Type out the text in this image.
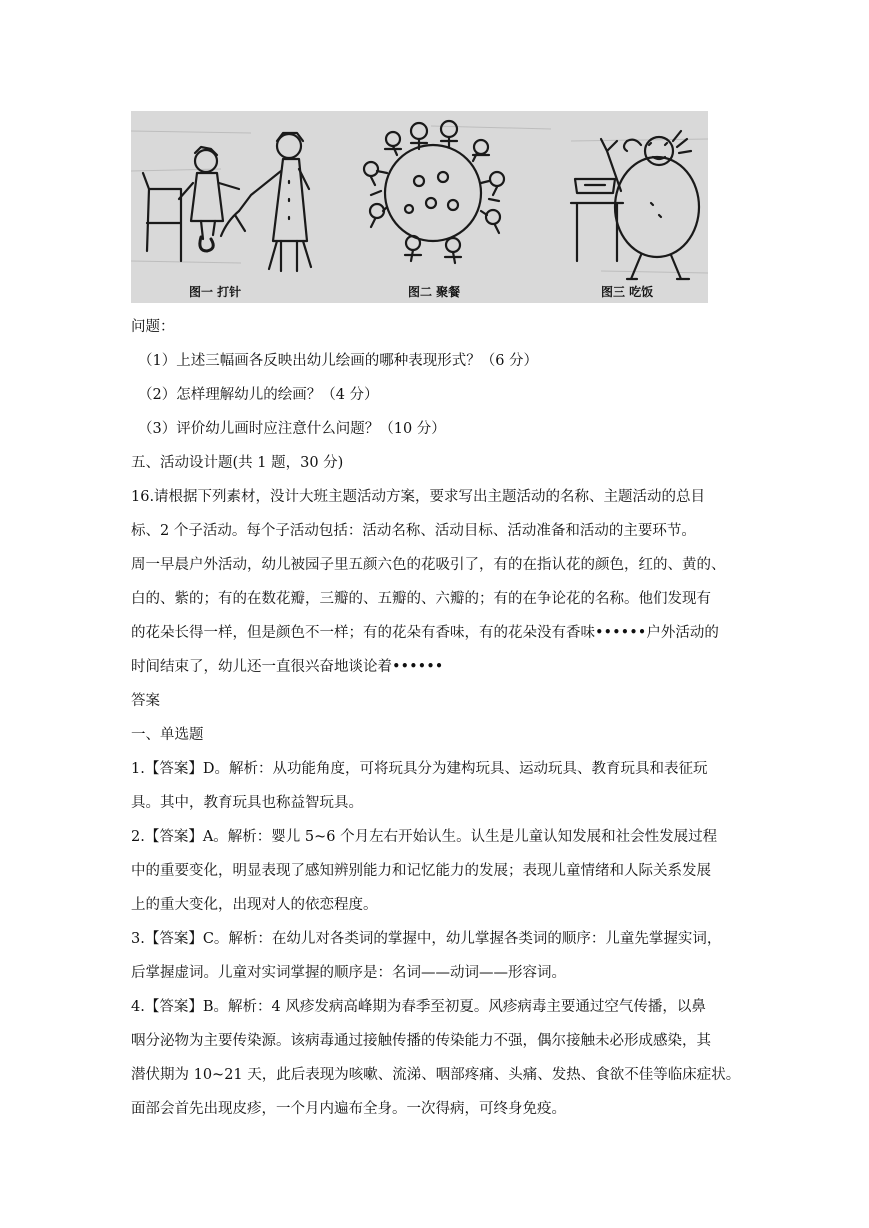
图一 打针	图二 聚餐	图三 吃饭
问题：
（1）上述三幅画各反映出幼儿绘画的哪种表现形式？（6 分）
（2）怎样理解幼儿的绘画？（4 分）
（3）评价幼儿画时应注意什么问题？（10 分）
五、活动设计题(共 1 题，30 分)
16.请根据下列素材，没计大班主题活动方案，要求写出主题活动的名称、主题活动的总目
标、2 个子活动。每个子活动包括：活动名称、活动目标、活动准备和活动的主要环节。
周一早晨户外活动，幼儿被园子里五颜六色的花吸引了，有的在指认花的颜色，红的、黄的、
白的、紫的；有的在数花瓣，三瓣的、五瓣的、六瓣的；有的在争论花的名称。他们发现有
的花朵长得一样，但是颜色不一样；有的花朵有香味，有的花朵没有香味••••••户外活动的
时间结束了，幼儿还一直很兴奋地谈论着••••••
答案
一、单选题
1.【答案】D。解析：从功能角度，可将玩具分为建构玩具、运动玩具、教育玩具和表征玩
具。其中，教育玩具也称益智玩具。
2.【答案】A。解析：婴儿 5~6 个月左右开始认生。认生是儿童认知发展和社会性发展过程
中的重要变化，明显表现了感知辨别能力和记忆能力的发展；表现儿童情绪和人际关系发展
上的重大变化，出现对人的依恋程度。
3.【答案】C。解析：在幼儿对各类词的掌握中，幼儿掌握各类词的顺序：儿童先掌握实词，
后掌握虚词。儿童对实词掌握的顺序是：名词——动词——形容词。
4.【答案】B。解析：4 风疹发病高峰期为春季至初夏。风疹病毒主要通过空气传播，以鼻
咽分泌物为主要传染源。该病毒通过接触传播的传染能力不强，偶尔接触未必形成感染，其
潜伏期为 10~21 天，此后表现为咳嗽、流涕、咽部疼痛、头痛、发热、食欲不佳等临床症状。
面部会首先出现皮疹，一个月内遍布全身。一次得病，可终身免疫。
